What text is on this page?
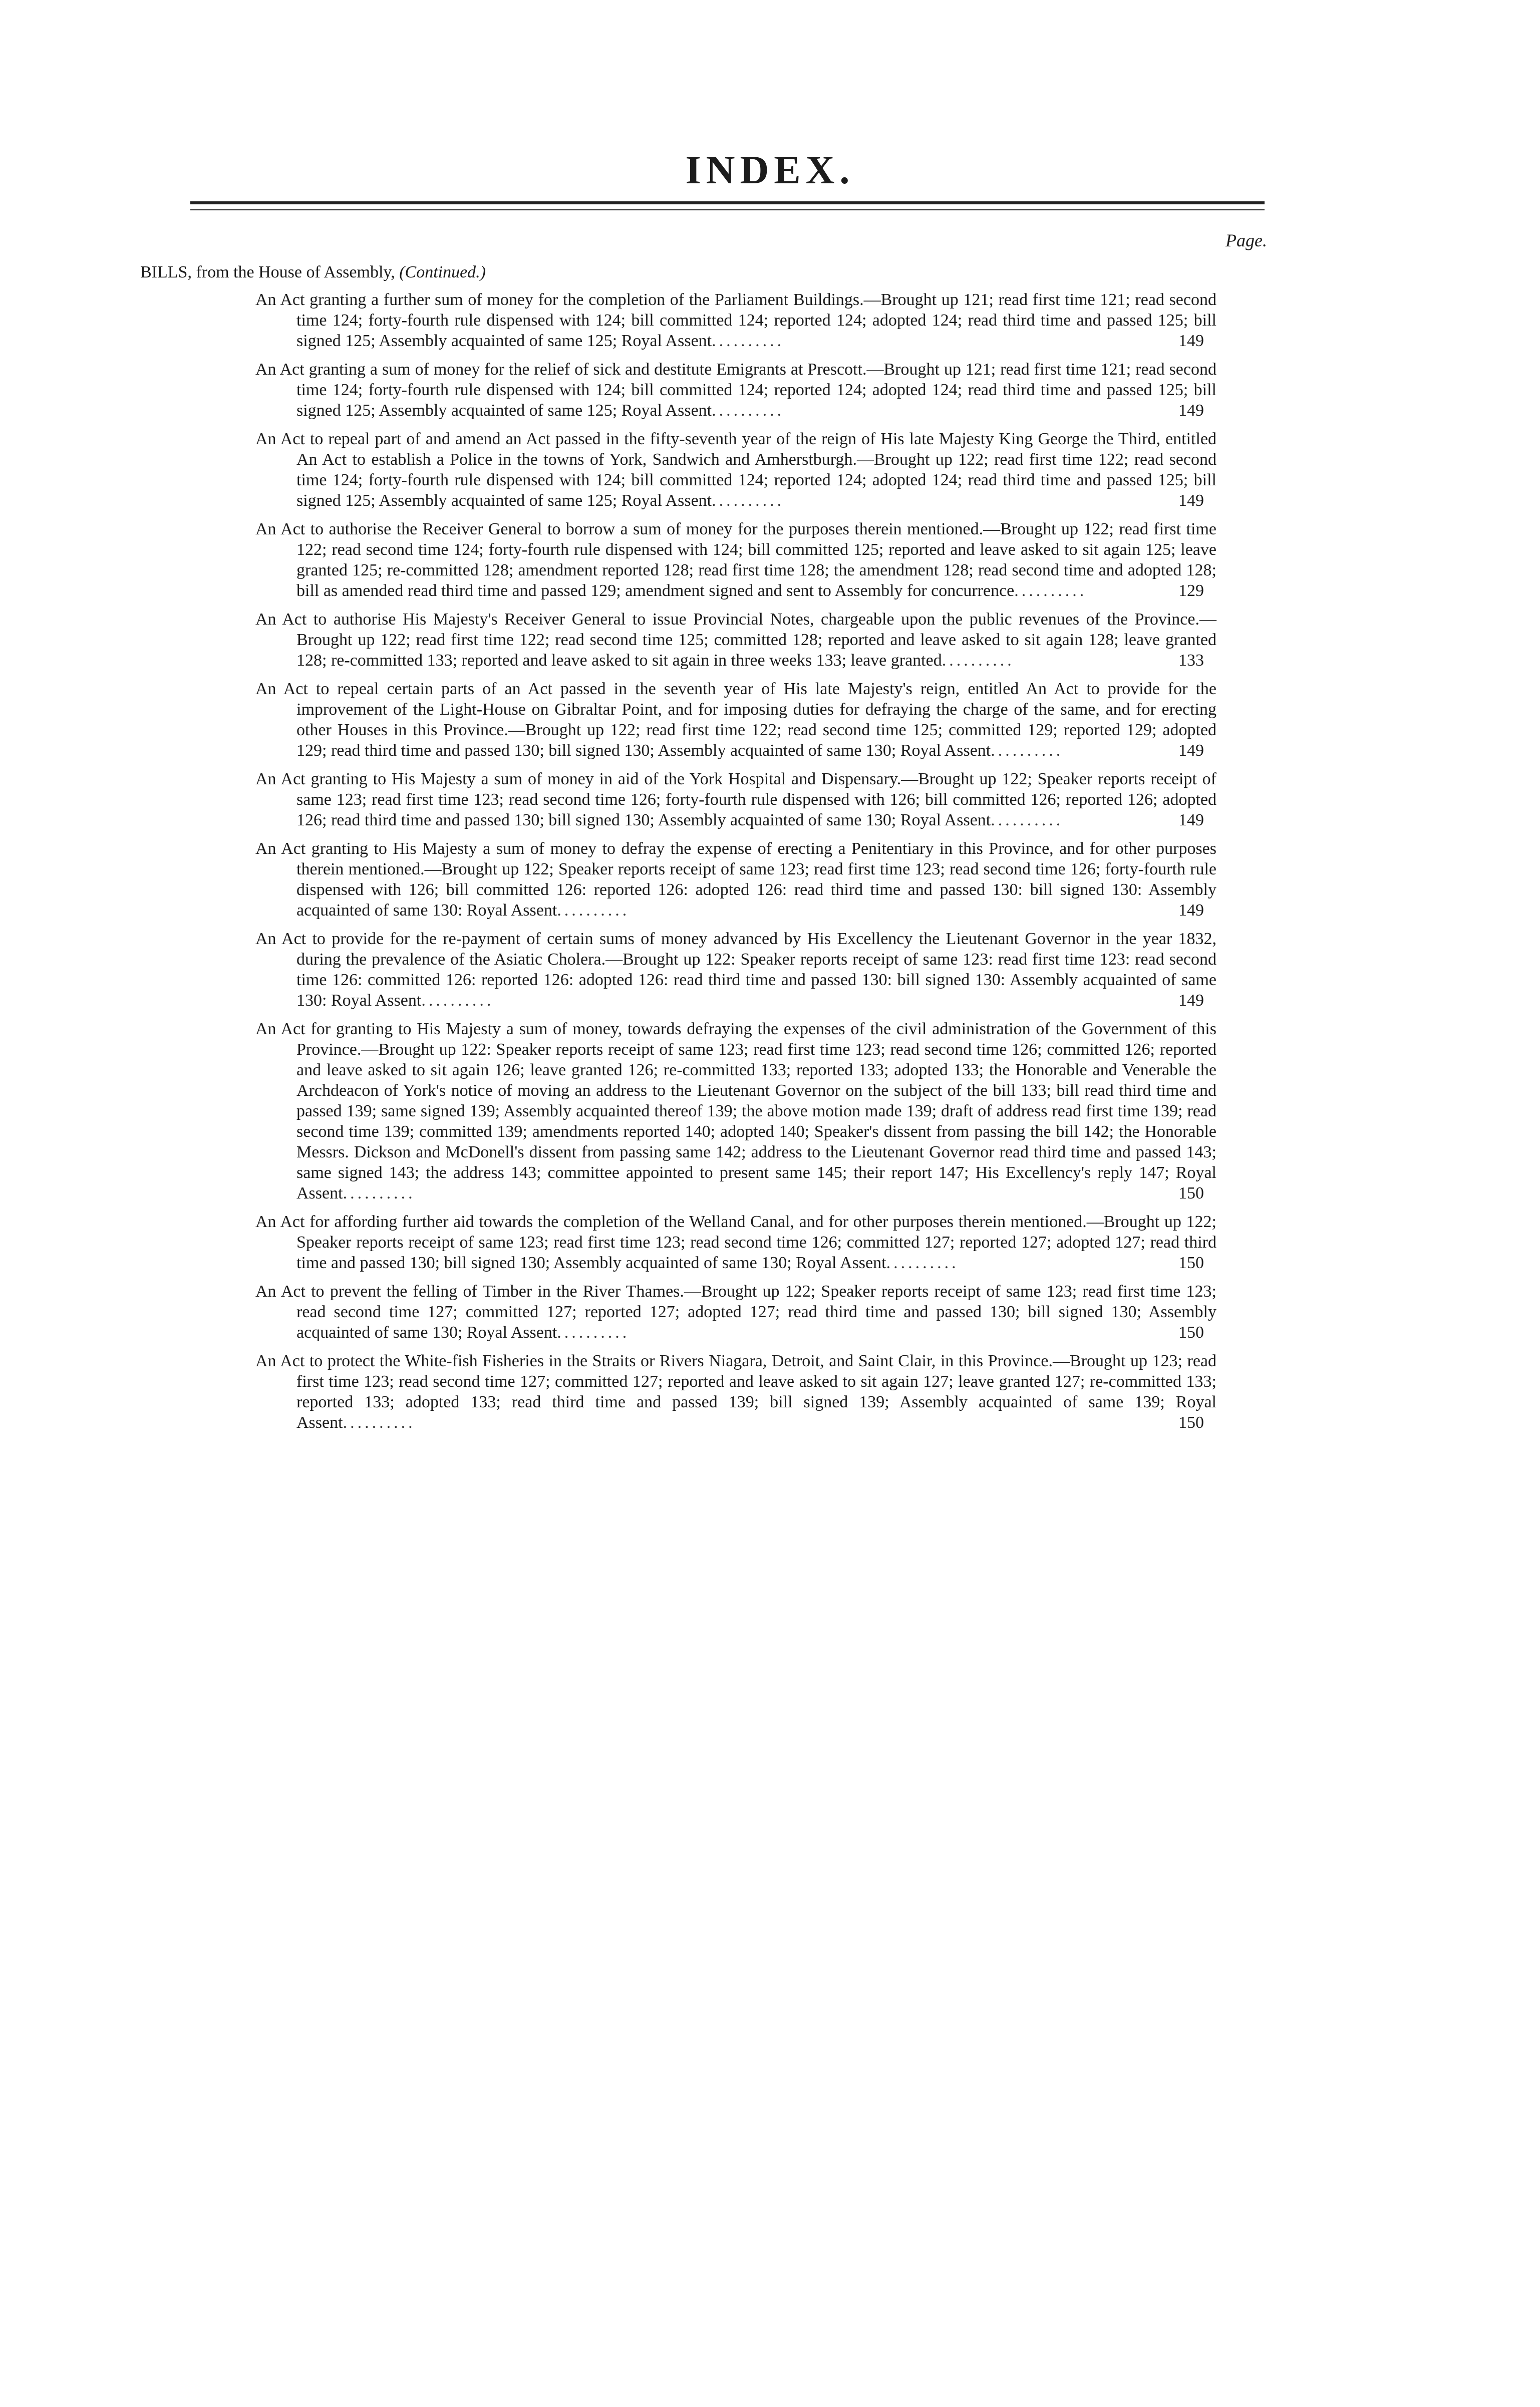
INDEX.
Page.
BILLS, from the House of Assembly, (Continued.)
An Act granting a further sum of money for the completion of the Parliament Buildings.—Brought up 121; read first time 121; read second time 124; forty-fourth rule dispensed with 124; bill committed 124; reported 124; adopted 124; read third time and passed 125; bill signed 125; Assembly acquainted of same 125; Royal Assent..........	149
An Act granting a sum of money for the relief of sick and destitute Emigrants at Prescott.—Brought up 121; read first time 121; read second time 124; forty-fourth rule dispensed with 124; bill committed 124; reported 124; adopted 124; read third time and passed 125; bill signed 125; Assembly acquainted of same 125; Royal Assent..........	149
An Act to repeal part of and amend an Act passed in the fifty-seventh year of the reign of His late Majesty King George the Third, entitled An Act to establish a Police in the towns of York, Sandwich and Amherstburgh.—Brought up 122; read first time 122; read second time 124; forty-fourth rule dispensed with 124; bill committed 124; reported 124; adopted 124; read third time and passed 125; bill signed 125; Assembly acquainted of same 125; Royal Assent..........	149
An Act to authorise the Receiver General to borrow a sum of money for the purposes therein mentioned.—Brought up 122; read first time 122; read second time 124; forty-fourth rule dispensed with 124; bill committed 125; reported and leave asked to sit again 125; leave granted 125; re-committed 128; amendment reported 128; read first time 128; the amendment 128; read second time and adopted 128; bill as amended read third time and passed 129; amendment signed and sent to Assembly for concurrence..........	129
An Act to authorise His Majesty's Receiver General to issue Provincial Notes, chargeable upon the public revenues of the Province.—Brought up 122; read first time 122; read second time 125; committed 128; reported and leave asked to sit again 128; leave granted 128; re-committed 133; reported and leave asked to sit again in three weeks 133; leave granted..........	133
An Act to repeal certain parts of an Act passed in the seventh year of His late Majesty's reign, entitled An Act to provide for the improvement of the Light-House on Gibraltar Point, and for imposing duties for defraying the charge of the same, and for erecting other Houses in this Province.—Brought up 122; read first time 122; read second time 125; committed 129; reported 129; adopted 129; read third time and passed 130; bill signed 130; Assembly acquainted of same 130; Royal Assent..........	149
An Act granting to His Majesty a sum of money in aid of the York Hospital and Dispensary.—Brought up 122; Speaker reports receipt of same 123; read first time 123; read second time 126; forty-fourth rule dispensed with 126; bill committed 126; reported 126; adopted 126; read third time and passed 130; bill signed 130; Assembly acquainted of same 130; Royal Assent..........	149
An Act granting to His Majesty a sum of money to defray the expense of erecting a Penitentiary in this Province, and for other purposes therein mentioned.—Brought up 122; Speaker reports receipt of same 123; read first time 123; read second time 126; forty-fourth rule dispensed with 126; bill committed 126: reported 126: adopted 126: read third time and passed 130: bill signed 130: Assembly acquainted of same 130: Royal Assent..........	149
An Act to provide for the re-payment of certain sums of money advanced by His Excellency the Lieutenant Governor in the year 1832, during the prevalence of the Asiatic Cholera.—Brought up 122: Speaker reports receipt of same 123: read first time 123: read second time 126: committed 126: reported 126: adopted 126: read third time and passed 130: bill signed 130: Assembly acquainted of same 130: Royal Assent..........	149
An Act for granting to His Majesty a sum of money, towards defraying the expenses of the civil administration of the Government of this Province.—Brought up 122: Speaker reports receipt of same 123; read first time 123; read second time 126; committed 126; reported and leave asked to sit again 126; leave granted 126; re-committed 133; reported 133; adopted 133; the Honorable and Venerable the Archdeacon of York's notice of moving an address to the Lieutenant Governor on the subject of the bill 133; bill read third time and passed 139; same signed 139; Assembly acquainted thereof 139; the above motion made 139; draft of address read first time 139; read second time 139; committed 139; amendments reported 140; adopted 140; Speaker's dissent from passing the bill 142; the Honorable Messrs. Dickson and McDonell's dissent from passing same 142; address to the Lieutenant Governor read third time and passed 143; same signed 143; the address 143; committee appointed to present same 145; their report 147; His Excellency's reply 147; Royal Assent..........	150
An Act for affording further aid towards the completion of the Welland Canal, and for other purposes therein mentioned.—Brought up 122; Speaker reports receipt of same 123; read first time 123; read second time 126; committed 127; reported 127; adopted 127; read third time and passed 130; bill signed 130; Assembly acquainted of same 130; Royal Assent..........	150
An Act to prevent the felling of Timber in the River Thames.—Brought up 122; Speaker reports receipt of same 123; read first time 123; read second time 127; committed 127; reported 127; adopted 127; read third time and passed 130; bill signed 130; Assembly acquainted of same 130; Royal Assent..........	150
An Act to protect the White-fish Fisheries in the Straits or Rivers Niagara, Detroit, and Saint Clair, in this Province.—Brought up 123; read first time 123; read second time 127; committed 127; reported and leave asked to sit again 127; leave granted 127; re-committed 133; reported 133; adopted 133; read third time and passed 139; bill signed 139; Assembly acquainted of same 139; Royal Assent..........	150
